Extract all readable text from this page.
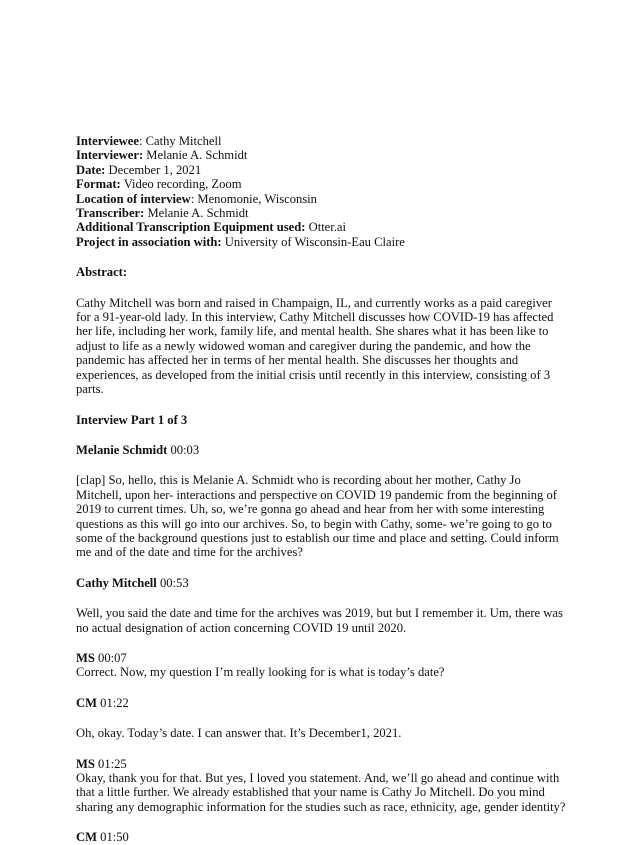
Interviewee: Cathy Mitchell
Interviewer: Melanie A. Schmidt
Date: December 1, 2021
Format: Video recording, Zoom
Location of interview: Menomonie, Wisconsin
Transcriber: Melanie A. Schmidt
Additional Transcription Equipment used: Otter.ai
Project in association with: University of Wisconsin-Eau Claire
Abstract:
Cathy Mitchell was born and raised in Champaign, IL, and currently works as a paid caregiver
for a 91-year-old lady. In this interview, Cathy Mitchell discusses how COVID-19 has affected
her life, including her work, family life, and mental health. She shares what it has been like to
adjust to life as a newly widowed woman and caregiver during the pandemic, and how the
pandemic has affected her in terms of her mental health. She discusses her thoughts and
experiences, as developed from the initial crisis until recently in this interview, consisting of 3
parts.
Interview Part 1 of 3
Melanie Schmidt 00:03
[clap] So, hello, this is Melanie A. Schmidt who is recording about her mother, Cathy Jo
Mitchell, upon her- interactions and perspective on COVID 19 pandemic from the beginning of
2019 to current times. Uh, so, we’re gonna go ahead and hear from her with some interesting
questions as this will go into our archives. So, to begin with Cathy, some- we’re going to go to
some of the background questions just to establish our time and place and setting. Could inform
me and of the date and time for the archives?
Cathy Mitchell 00:53
Well, you said the date and time for the archives was 2019, but but I remember it. Um, there was
no actual designation of action concerning COVID 19 until 2020.
MS 00:07
Correct. Now, my question I’m really looking for is what is today’s date?
CM 01:22
Oh, okay. Today’s date. I can answer that. It’s December1, 2021.
MS 01:25
Okay, thank you for that. But yes, I loved you statement. And, we’ll go ahead and continue with
that a little further. We already established that your name is Cathy Jo Mitchell. Do you mind
sharing any demographic information for the studies such as race, ethnicity, age, gender identity?
CM 01:50
